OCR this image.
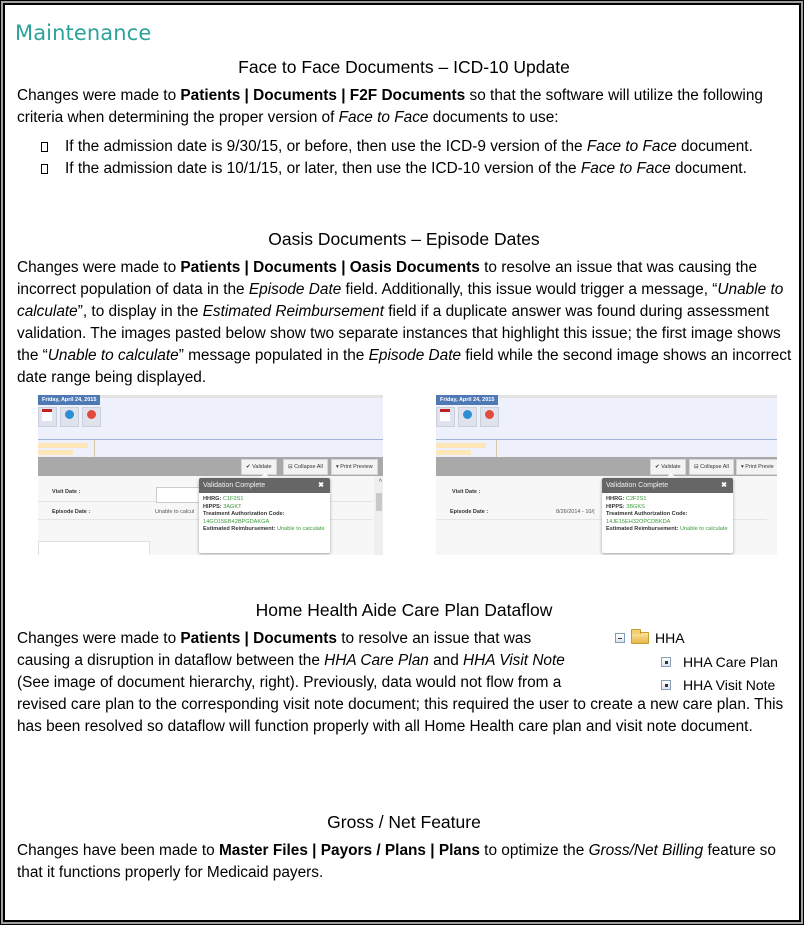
Maintenance
Face to Face Documents – ICD-10 Update
Changes were made to Patients | Documents | F2F Documents so that the software will utilize the following criteria when determining the proper version of Face to Face documents to use:
If the admission date is 9/30/15, or before, then use the ICD-9 version of the Face to Face document.
If the admission date is 10/1/15, or later, then use the ICD-10 version of the Face to Face document.
Oasis Documents – Episode Dates
Changes were made to Patients | Documents | Oasis Documents to resolve an issue that was causing the incorrect population of data in the Episode Date field. Additionally, this issue would trigger a message, “Unable to calculate”, to display in the Estimated Reimbursement field if a duplicate answer was found during assessment validation. The images pasted below show two separate instances that highlight this issue; the first image shows the “Unable to calculate” message populated in the Episode Date field while the second image shows an incorrect date range being displayed.
Friday, April 24, 2015
✔ Validate	⊟ Collapse All	▾ Print Preview
Visit Date :
Episode Date :	Unable to calcul
^
Validation Complete	✖
HHRG: C1F2S1
HIPPS: 3AGKT
Treatment Authorization Code:
14GO15EB42BPGDAKGA
Estimated Reimbursement: Unable to calculate
Friday, April 24, 2015
✔ Validate	⊟ Collapse All	▾ Print Previe
Visit Date :
Episode Date :	8/26/2014 - 10/(
Validation Complete	✖
HHRG: C2F2S1
HIPPS: 3BGKS
Treatment Authorization Code:
14JE15EH32OPCDBKDA
Estimated Reimbursement: Unable to calculate
Home Health Aide Care Plan Dataflow
Changes were made to Patients | Documents to resolve an issue that was
causing a disruption in dataflow between the HHA Care Plan and HHA Visit Note
(See image of document hierarchy, right). Previously, data would not flow from a
revised care plan to the corresponding visit note document; this required the user to create a new care plan. This has been resolved so dataflow will function properly with all Home Health care plan and visit note document.
HHA
HHA Care Plan
HHA Visit Note
Gross / Net Feature
Changes have been made to Master Files | Payors / Plans | Plans to optimize the Gross/Net Billing feature so that it functions properly for Medicaid payers.
